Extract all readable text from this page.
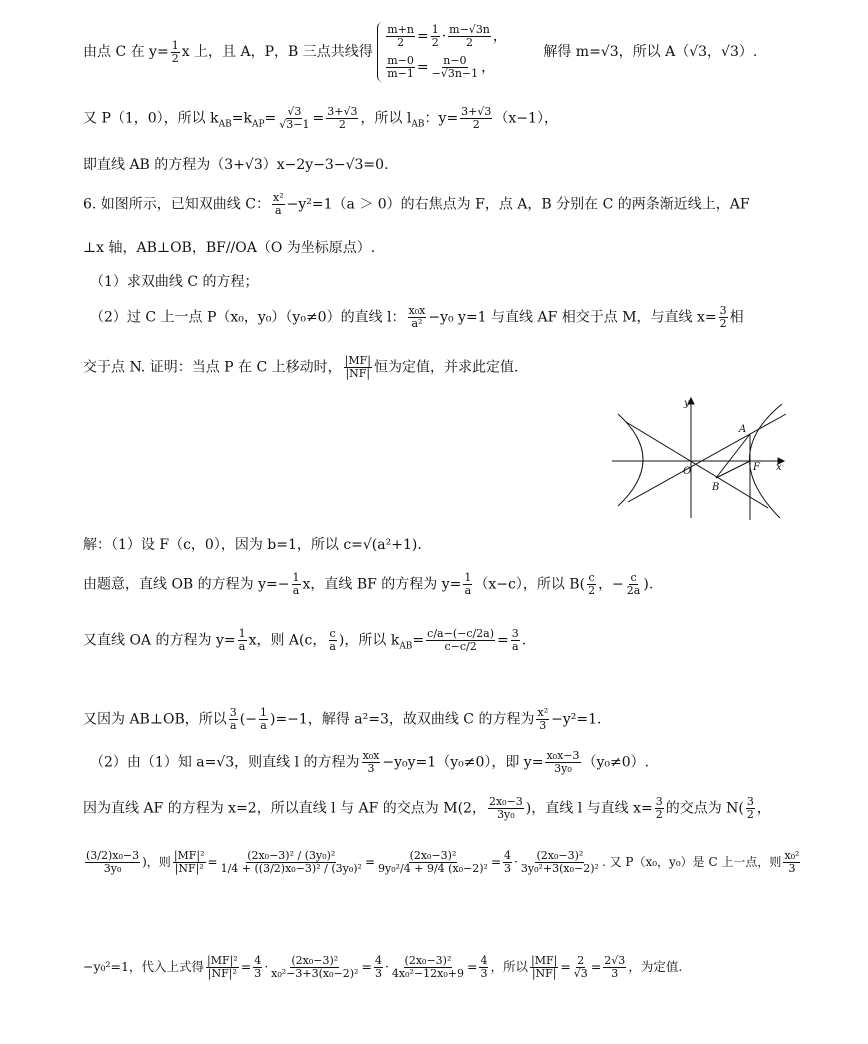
由点 C 在 $y= \frac{1}{2}$ x 上，且 A，P，B 三点共线得
$\frac{m+n}{2} = \frac{1}{2} \cdot \frac{m-√3n}{2}$ ，
$\frac{m-0}{m-1} = \frac{n-0}{-√3n-1}$ ，
解得 m=√3，所以 A（√3，√3）.
又 P（1，0），所以 $k_{AB}=k_{AP}= \frac{√3}{√3-1} = \frac{3+√3}{2}$ ，所以 $l_{AB}$：$y= \frac{3+√3}{2} (x-1)$，
即直线 AB 的方程为（3+√3）x−2y−3−√3=0.
6. 如图所示，已知双曲线 C： $\frac{\text{x²}}{a} -y^2=1(a > 0)$的右焦点为 F，点 A，B 分别在 C 的两条渐近线上，AF
⊥x 轴，AB⊥OB，BF//OA（O 为坐标原点）.
（1）求双曲线 C 的方程；
（2）过 C 上一点 P（x₀，y₀）（y₀≠0）的直线 l： $\frac{\text{x₀x}}{\text{a²}} -y_0$ y=1 与直线 AF 相交于点 M，与直线 $x= \frac{3}{2}$ 相
交于点 N. 证明：当点 P 在 C 上移动时， $\frac{|MF|}{|NF|}$ 恒为定值，并求此定值.
y
x
A
B
O	F
解：（1）设 F（c，0），因为 b=1，所以 c=√(a²+1).
由题意，直线 OB 的方程为 $y=- \frac{1}{a}$ x，直线 BF 的方程为 $y= \frac{1}{a} (x-c)$，所以 $B( \frac{c}{2}$ ，− $\frac{c}{2a}$ ).
又直线 OA 的方程为 $y= \frac{1}{a}$ x，则 A(c， $\frac{c}{a}$ )，所以 $k_{AB}= \frac{c/a-(-c/2a)}{c-c/2} = \frac{3}{a}$ .
又因为 AB⊥OB，所以 $\frac{3}{a}$ (− $\frac{1}{a} )=-1$，解得 a²=3，故双曲线 C 的方程为 $\frac{\text{x²}}{3} -y^2=1$.
（2）由（1）知 a=√3，则直线 l 的方程为 $\frac{\text{x₀x}}{3} -y_0y=1(y_0\ne 0)$，即 $y= \frac{\text{x₀x−3}}{\text{3y₀}} (y_0\ne 0)$.
因为直线 AF 的方程为 x=2，所以直线 l 与 AF 的交点为 M(2， $\frac{\text{2x₀−3}}{\text{3y₀}}$ )，直线 l 与直线 $x= \frac{3}{2}$ 的交点为 $N( \frac{3}{2}$ ，
$\frac{\text{(3/2)x₀−3}}{\text{3y₀}}$ )，则 $\frac{\text{|MF|²}}{\text{|NF|²}} = \frac{\text{(2x₀−3)² / (3y₀)²}}{\text{1/4 + ((3/2)x₀−3)² / (3y₀)²}} = \frac{\text{(2x₀−3)²}}{\text{9y₀²/4 + 9/4 (x₀−2)²}} = \frac{4}{3} \cdot \frac{\text{(2x₀−3)²}}{\text{3y₀²+3(x₀−2)²}}$ . 又 P（x₀，y₀）是 C 上一点，则 $\frac{\text{x₀²}}{3}$
−y₀²=1，代入上式得 $\frac{\text{|MF|²}}{\text{|NF|²}} = \frac{4}{3} \cdot \frac{\text{(2x₀−3)²}}{\text{x₀²−3+3(x₀−2)²}} = \frac{4}{3} \cdot \frac{\text{(2x₀−3)²}}{\text{4x₀²−12x₀+9}} = \frac{4}{3}$ ，所以 $\frac{|MF|}{|NF|} = \frac{2}{√3} = \frac{2√3}{3}$ ，为定值.
